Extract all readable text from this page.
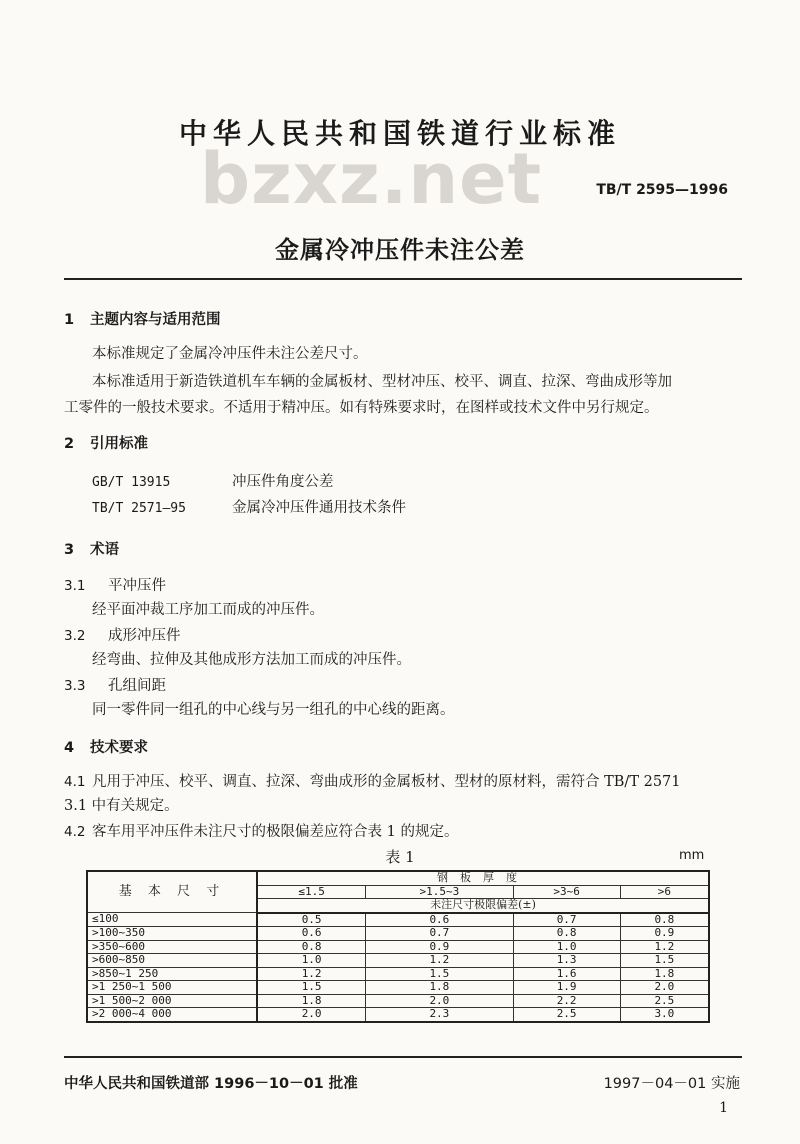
中华人民共和国铁道行业标准
bzxz.net	TB/T 2595—1996
金属冷冲压件未注公差
1 主题内容与适用范围
本标准规定了金属冷冲压件未注公差尺寸。
本标准适用于新造铁道机车车辆的金属板材、型材冲压、校平、调直、拉深、弯曲成形等加
工零件的一般技术要求。不适用于精冲压。如有特殊要求时，在图样或技术文件中另行规定。
2 引用标准
GB/T 13915	冲压件角度公差
TB/T 2571—95	金属冷冲压件通用技术条件
3 术语
3.1 平冲压件
经平面冲裁工序加工而成的冲压件。
3.2 成形冲压件
经弯曲、拉伸及其他成形方法加工而成的冲压件。
3.3 孔组间距
同一零件同一组孔的中心线与另一组孔的中心线的距离。
4 技术要求
4.1 凡用于冲压、校平、调直、拉深、弯曲成形的金属板材、型材的原材料，需符合 TB/T 2571
3.1 中有关规定。
4.2 客车用平冲压件未注尺寸的极限偏差应符合表 1 的规定。
表 1	mm
基 本 尺 寸	钢板厚度			
	≤1.5	>1.5~3	>3~6	>6
	未注尺寸极限偏差(±)			
≤100	0.5	0.6	0.7	0.8
>100~350	0.6	0.7	0.8	0.9
>350~600	0.8	0.9	1.0	1.2
>600~850	1.0	1.2	1.3	1.5
>850~1 250	1.2	1.5	1.6	1.8
>1 250~1 500	1.5	1.8	1.9	2.0
>1 500~2 000	1.8	2.0	2.2	2.5
>2 000~4 000	2.0	2.3	2.5	3.0
中华人民共和国铁道部 1996－10－01 批准	1997－04－01 实施
1
